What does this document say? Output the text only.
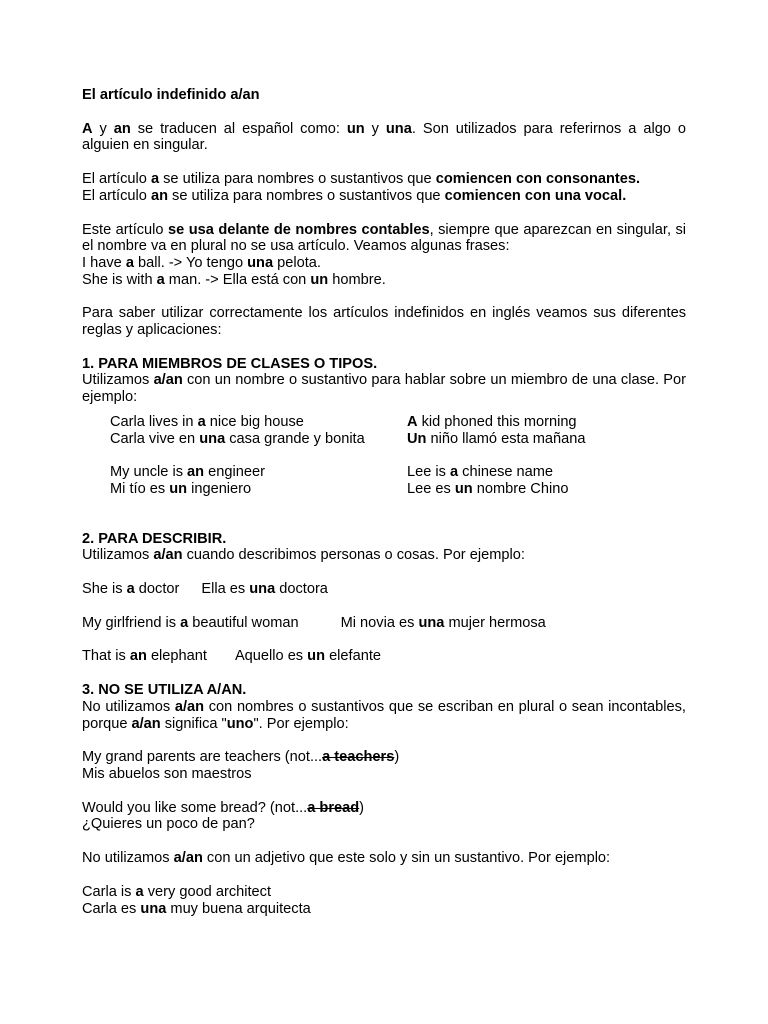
El artículo indefinido a/an

A y an se traducen al español como: un y una. Son utilizados para referirnos a algo o alguien en singular.

El artículo a se utiliza para nombres o sustantivos que comiencen con consonantes.

El artículo an se utiliza para nombres o sustantivos que comiencen con una vocal.

Este artículo se usa delante de nombres contables, siempre que aparezcan en singular, si el nombre va en plural no se usa artículo. Veamos algunas frases:

I have a ball. -> Yo tengo una pelota.

She is with a man. -> Ella está con un hombre.

Para saber utilizar correctamente los artículos indefinidos en inglés veamos sus diferentes reglas y aplicaciones:

1. PARA MIEMBROS DE CLASES O TIPOS.

Utilizamos a/an con un nombre o sustantivo para hablar sobre un miembro de una clase. Por ejemplo:

Carla lives in a nice big house	A kid phoned this morning
Carla vive en una casa grande y bonita	Un niño llamó esta mañana
My uncle is an engineer	Lee is a chinese name
Mi tío es un ingeniero	Lee es un nombre Chino

2. PARA DESCRIBIR.

Utilizamos a/an cuando describimos personas o cosas. Por ejemplo:

She is a doctor Ella es una doctora

My girlfriend is a beautiful woman	Mi novia es una mujer hermosa

That is an elephant Aquello es un elefante

3. NO SE UTILIZA A/AN.

No utilizamos a/an con nombres o sustantivos que se escriban en plural o sean incontables, porque a/an significa "uno". Por ejemplo:

My grand parents are teachers (not...a teachers)

Mis abuelos son maestros

Would you like some bread? (not...a bread)

¿Quieres un poco de pan?

No utilizamos a/an con un adjetivo que este solo y sin un sustantivo. Por ejemplo:

Carla is a very good architect

Carla es una muy buena arquitecta
